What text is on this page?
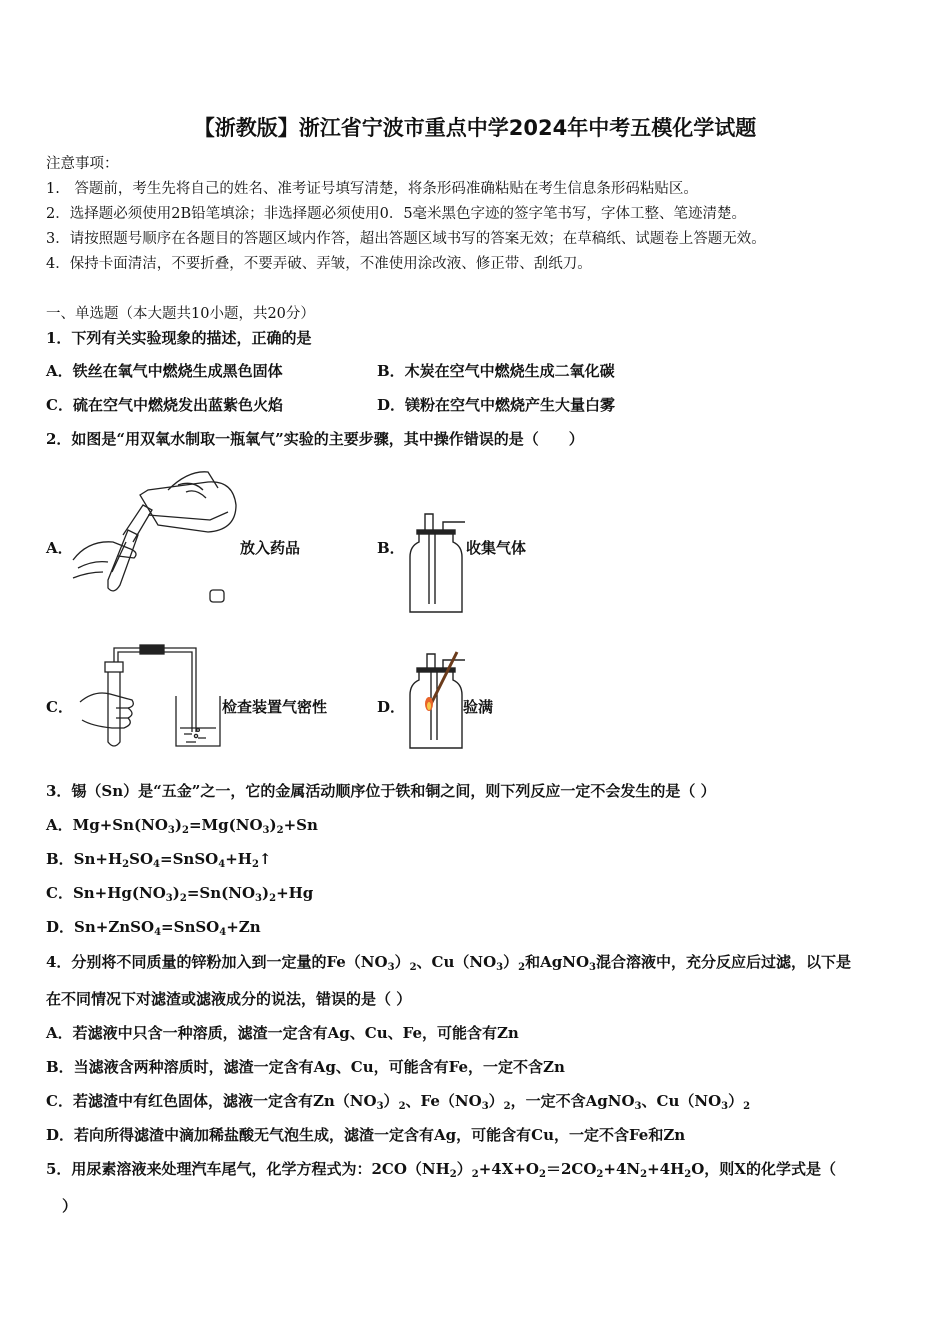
【浙教版】浙江省宁波市重点中学2024年中考五模化学试题
注意事项：
1.　答题前，考生先将自己的姓名、准考证号填写清楚，将条形码准确粘贴在考生信息条形码粘贴区。
2．选择题必须使用2B铅笔填涂；非选择题必须使用0．5毫米黑色字迹的签字笔书写，字体工整、笔迹清楚。
3．请按照题号顺序在各题目的答题区域内作答，超出答题区域书写的答案无效；在草稿纸、试题卷上答题无效。
4．保持卡面清洁，不要折叠，不要弄破、弄皱，不准使用涂改液、修正带、刮纸刀。
一、单选题（本大题共10小题，共20分）
1．下列有关实验现象的描述，正确的是
A．铁丝在氧气中燃烧生成黑色固体	B．木炭在空气中燃烧生成二氧化碳
C．硫在空气中燃烧发出蓝紫色火焰	D．镁粉在空气中燃烧产生大量白雾
2．如图是“用双氧水制取一瓶氧气”实验的主要步骤，其中操作错误的是（　　）
A．	放入药品	B．	收集气体
C．	检查装置气密性	D．	验满
3．锡（Sn）是“五金”之一，它的金属活动顺序位于铁和铜之间，则下列反应一定不会发生的是（ ）
A．$Mg+Sn(NO_3)_2=Mg(NO_3)_2+Sn$
B．$Sn+H_2SO_4=SnSO_4+H_2↑$
C．$Sn+Hg(NO_3)_2=Sn(NO_3)_2+Hg$
D．Sn+ZnSO$_4$=SnSO$_4$+Zn
4．分别将不同质量的锌粉加入到一定量的$Fe(NO_3)_2$、$Cu(NO_3)_2$和AgNO$_3$混合溶液中，充分反应后过滤，以下是
在不同情况下对滤渣或滤液成分的说法，错误的是（ ）
A．若滤液中只含一种溶质，滤渣一定含有Ag、Cu、Fe，可能含有Zn
B．当滤液含两种溶质时，滤渣一定含有Ag、Cu，可能含有Fe，一定不含Zn
C．若滤渣中有红色固体，滤液一定含有$Zn(NO_3)_2$、$Fe(NO_3)_2$，一定不含AgNO$_3$、$Cu(NO_3)_2$
D．若向所得滤渣中滴加稀盐酸无气泡生成，滤渣一定含有Ag，可能含有Cu，一定不含Fe和Zn
5．用尿素溶液来处理汽车尾气，化学方程式为：$2CO(NH_2)_2+4X+O_2=2CO_2+4N_2+4H_2O$，则X的化学式是（
）
